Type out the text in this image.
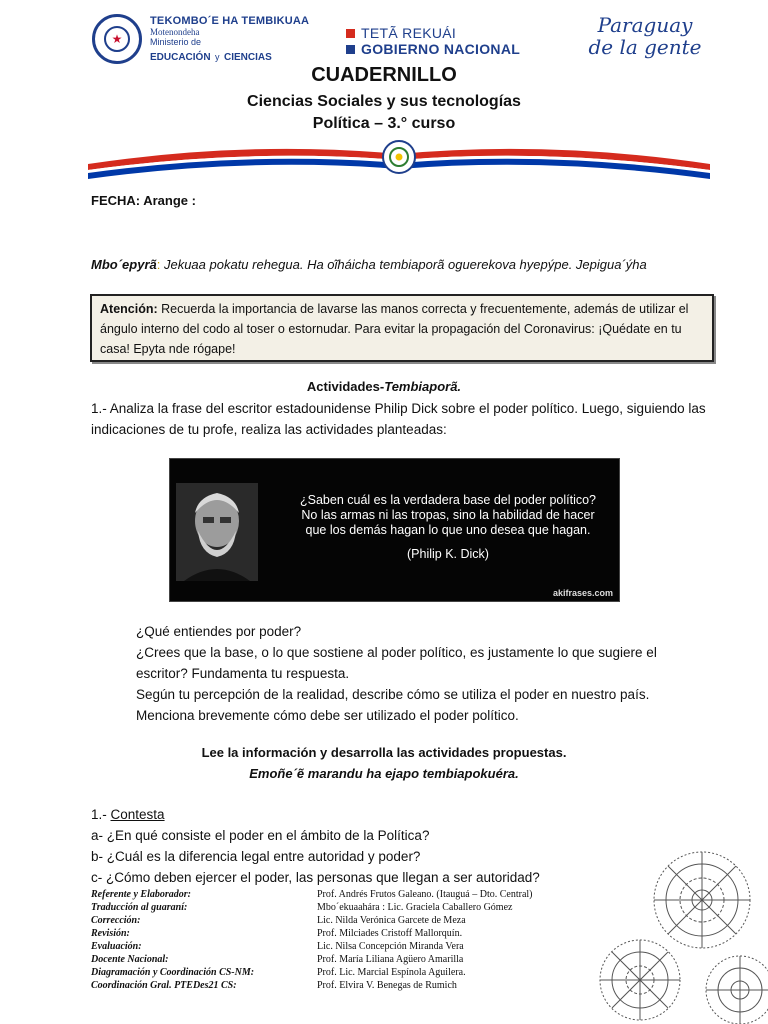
★
TEKOMBO´E HA TEMBIKUAA
Motenondeha
Ministerio de
EDUCACIÓN y CIENCIAS
TETÃ REKUÁI
GOBIERNO NACIONAL
Paraguay
de la gente
CUADERNILLO
Ciencias Sociales y sus tecnologías
Política – 3.° curso
FECHA: Arange :
Mbo´epyrã: Jekuaa pokatu rehegua. Ha oĩháicha tembiaporã oguerekova hyepýpe. Jepigua´ýha
Atención: Recuerda la importancia de lavarse las manos correcta y frecuentemente, además de utilizar el ángulo interno del codo al toser o estornudar. Para evitar la propagación del Coronavirus: ¡Quédate en tu casa! Epyta nde rógape!
Actividades-Tembiaporã.
1.- Analiza la frase del escritor estadounidense Philip Dick sobre el poder político. Luego, siguiendo las indicaciones de tu profe, realiza las actividades planteadas:
¿Saben cuál es la verdadera base del poder político?
No las armas ni las tropas, sino la habilidad de hacer
que los demás hagan lo que uno desea que hagan.
(Philip K. Dick)
akifrases.com
¿Qué entiendes por poder?
¿Crees que la base, o lo que sostiene al poder político, es justamente lo que sugiere el
escritor? Fundamenta tu respuesta.
Según tu percepción de la realidad, describe cómo se utiliza el poder en nuestro país.
Menciona brevemente cómo debe ser utilizado el poder político.
Lee la información y desarrolla las actividades propuestas.
Emoñe´ẽ marandu ha ejapo tembiapokuéra.
1.- Contesta
a- ¿En qué consiste el poder en el ámbito de la Política?
b- ¿Cuál es la diferencia legal entre autoridad y poder?
c- ¿Cómo deben ejercer el poder, las personas que llegan a ser autoridad?
Referente y Elaborador:	Prof. Andrés Frutos Galeano. (Itauguá – Dto. Central)
Traducción al guaraní:	Mbo´ekuaahára : Lic. Graciela Caballero Gómez
Corrección:	Lic. Nilda Verónica Garcete de Meza
Revisión:	Prof. Milciades Cristoff Mallorquín.
Evaluación:	Lic. Nilsa Concepción Miranda Vera
Docente Nacional:	Prof. María Liliana Agüero Amarilla
Diagramación y Coordinación CS-NM:	Prof. Lic. Marcial Espínola Aguilera.
Coordinación Gral. PTEDes21 CS:	Prof. Elvira V. Benegas de Rumich
